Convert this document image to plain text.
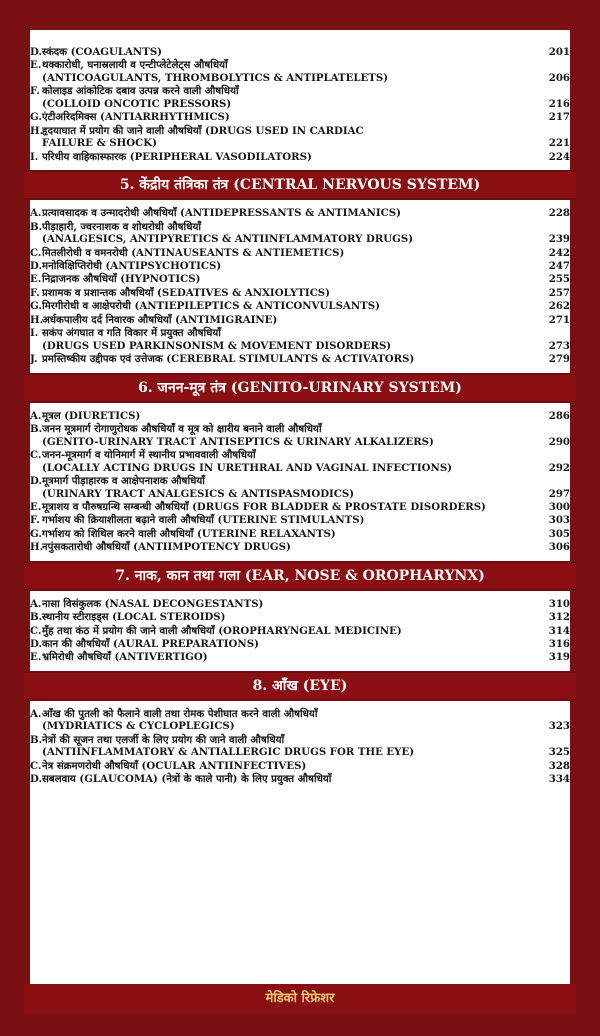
D. स्कंदक (COAGULANTS)	201
E. थक्कारोधी, घनास्रलायी व एन्टीप्लेटेलेट्स औषधियाँ
(ANTICOAGULANTS, THROMBOLYTICS & ANTIPLATELETS)	206
F. कोलाइड आंकोटिक दबाव उत्पन्न करने वाली औषधियाँ
(COLLOID ONCOTIC PRESSORS)	216
G. एंटीअरिदमिक्स (ANTIARRHYTHMICS)	217
H.
हृदयाघात में प्रयोग की जाने वाली औषधियाँ (DRUGS USED IN CARDIAC
FAILURE & SHOCK)	221
I. परिधीय वाहिकास्फारक (PERIPHERAL VASODILATORS)	224
5. केंद्रीय तंत्रिका तंत्र (CENTRAL NERVOUS SYSTEM)
A. प्रत्यावसादक व उन्मादरोधी औषधियाँ (ANTIDEPRESSANTS & ANTIMANICS)	228
B. पीड़ाहारी, ज्वरनाशक व शोथरोधी औषधियाँ
(ANALGESICS, ANTIPYRETICS & ANTIINFLAMMATORY DRUGS)	239
C. मितलीरोधी व वमनरोधी (ANTINAUSEANTS & ANTIEMETICS)	242
D. मनोविक्षिप्तिरोधी (ANTIPSYCHOTICS)	247
E. निद्राजनक औषधियाँ (HYPNOTICS)	255
F. प्रशामक व प्रशान्तक औषधियाँ (SEDATIVES & ANXIOLYTICS)	257
G. मिरगीरोधी व आक्षेपरोधी (ANTIEPILEPTICS & ANTICONVULSANTS)	262
H.
अर्धकपालीय दर्द निवारक औषधियाँ (ANTIMIGRAINE)	271
I. सकंप अंगघात व गति विकार में प्रयुक्त औषधियाँ
(DRUGS USED PARKINSONISM & MOVEMENT DISORDERS)	273
J. प्रमस्तिष्कीय उद्दीपक एवं उत्तेजक (CEREBRAL STIMULANTS & ACTIVATORS)	279
6. जनन-मूत्र तंत्र (GENITO-URINARY SYSTEM)
A. मूत्रल (DIURETICS)	286
B. जनन मूत्रमार्ग रोगाणुरोधक औषधियाँ व मूत्र को क्षारीय बनाने वाली औषधियाँ
(GENITO-URINARY TRACT ANTISEPTICS & URINARY ALKALIZERS)	290
C. जनन-मूत्रमार्ग व योनिमार्ग में स्थानीय प्रभाववाली औषधियाँ
(LOCALLY ACTING DRUGS IN URETHRAL AND VAGINAL INFECTIONS)	292
D. मूत्रमार्ग पीड़ाहारक व आक्षेपनाशक औषधियाँ
(URINARY TRACT ANALGESICS & ANTISPASMODICS)	297
E. मूत्राशय व पौरुषग्रन्थि सम्बन्धी औषधियाँ (DRUGS FOR BLADDER & PROSTATE DISORDERS)	300
F. गर्भाशय की क्रियाशीलता बढ़ाने वाली औषधियाँ (UTERINE STIMULANTS)	303
G. गर्भाशय को शिथिल करने वाली औषधियाँ (UTERINE RELAXANTS)	305
H.
नपुंसकतारोधी औषधियाँ (ANTIIMPOTENCY DRUGS)	306
7. नाक, कान तथा गला (EAR, NOSE & OROPHARYNX)
A. नासा विसंकुलक (NASAL DECONGESTANTS)	310
B. स्थानीय स्टीराइड्स (LOCAL STEROIDS)	312
C. मुँह तथा कंठ में प्रयोग की जाने वाली औषधियाँ (OROPHARYNGEAL MEDICINE)	314
D. कान की औषधियाँ (AURAL PREPARATIONS)	316
E. भ्रमिरोधी औषधियाँ (ANTIVERTIGO)	319
8. आँख (EYE)
A. आँख की पुतली को फैलाने वाली तथा रोमक पेशीघात करने वाली औषधियाँ
(MYDRIATICS & CYCLOPLEGICS)	323
B. नेत्रों की सूजन तथा एलर्जी के लिए प्रयोग की जाने वाली औषधियाँ
(ANTIINFLAMMATORY & ANTIALLERGIC DRUGS FOR THE EYE)	325
C. नेत्र संक्रमणरोधी औषधियाँ (OCULAR ANTIINFECTIVES)	328
D. सबलवाय (GLAUCOMA) (नेत्रों के काले पानी) के लिए प्रयुक्त औषधियाँ	334
मेडिको रिफ्रेशर
